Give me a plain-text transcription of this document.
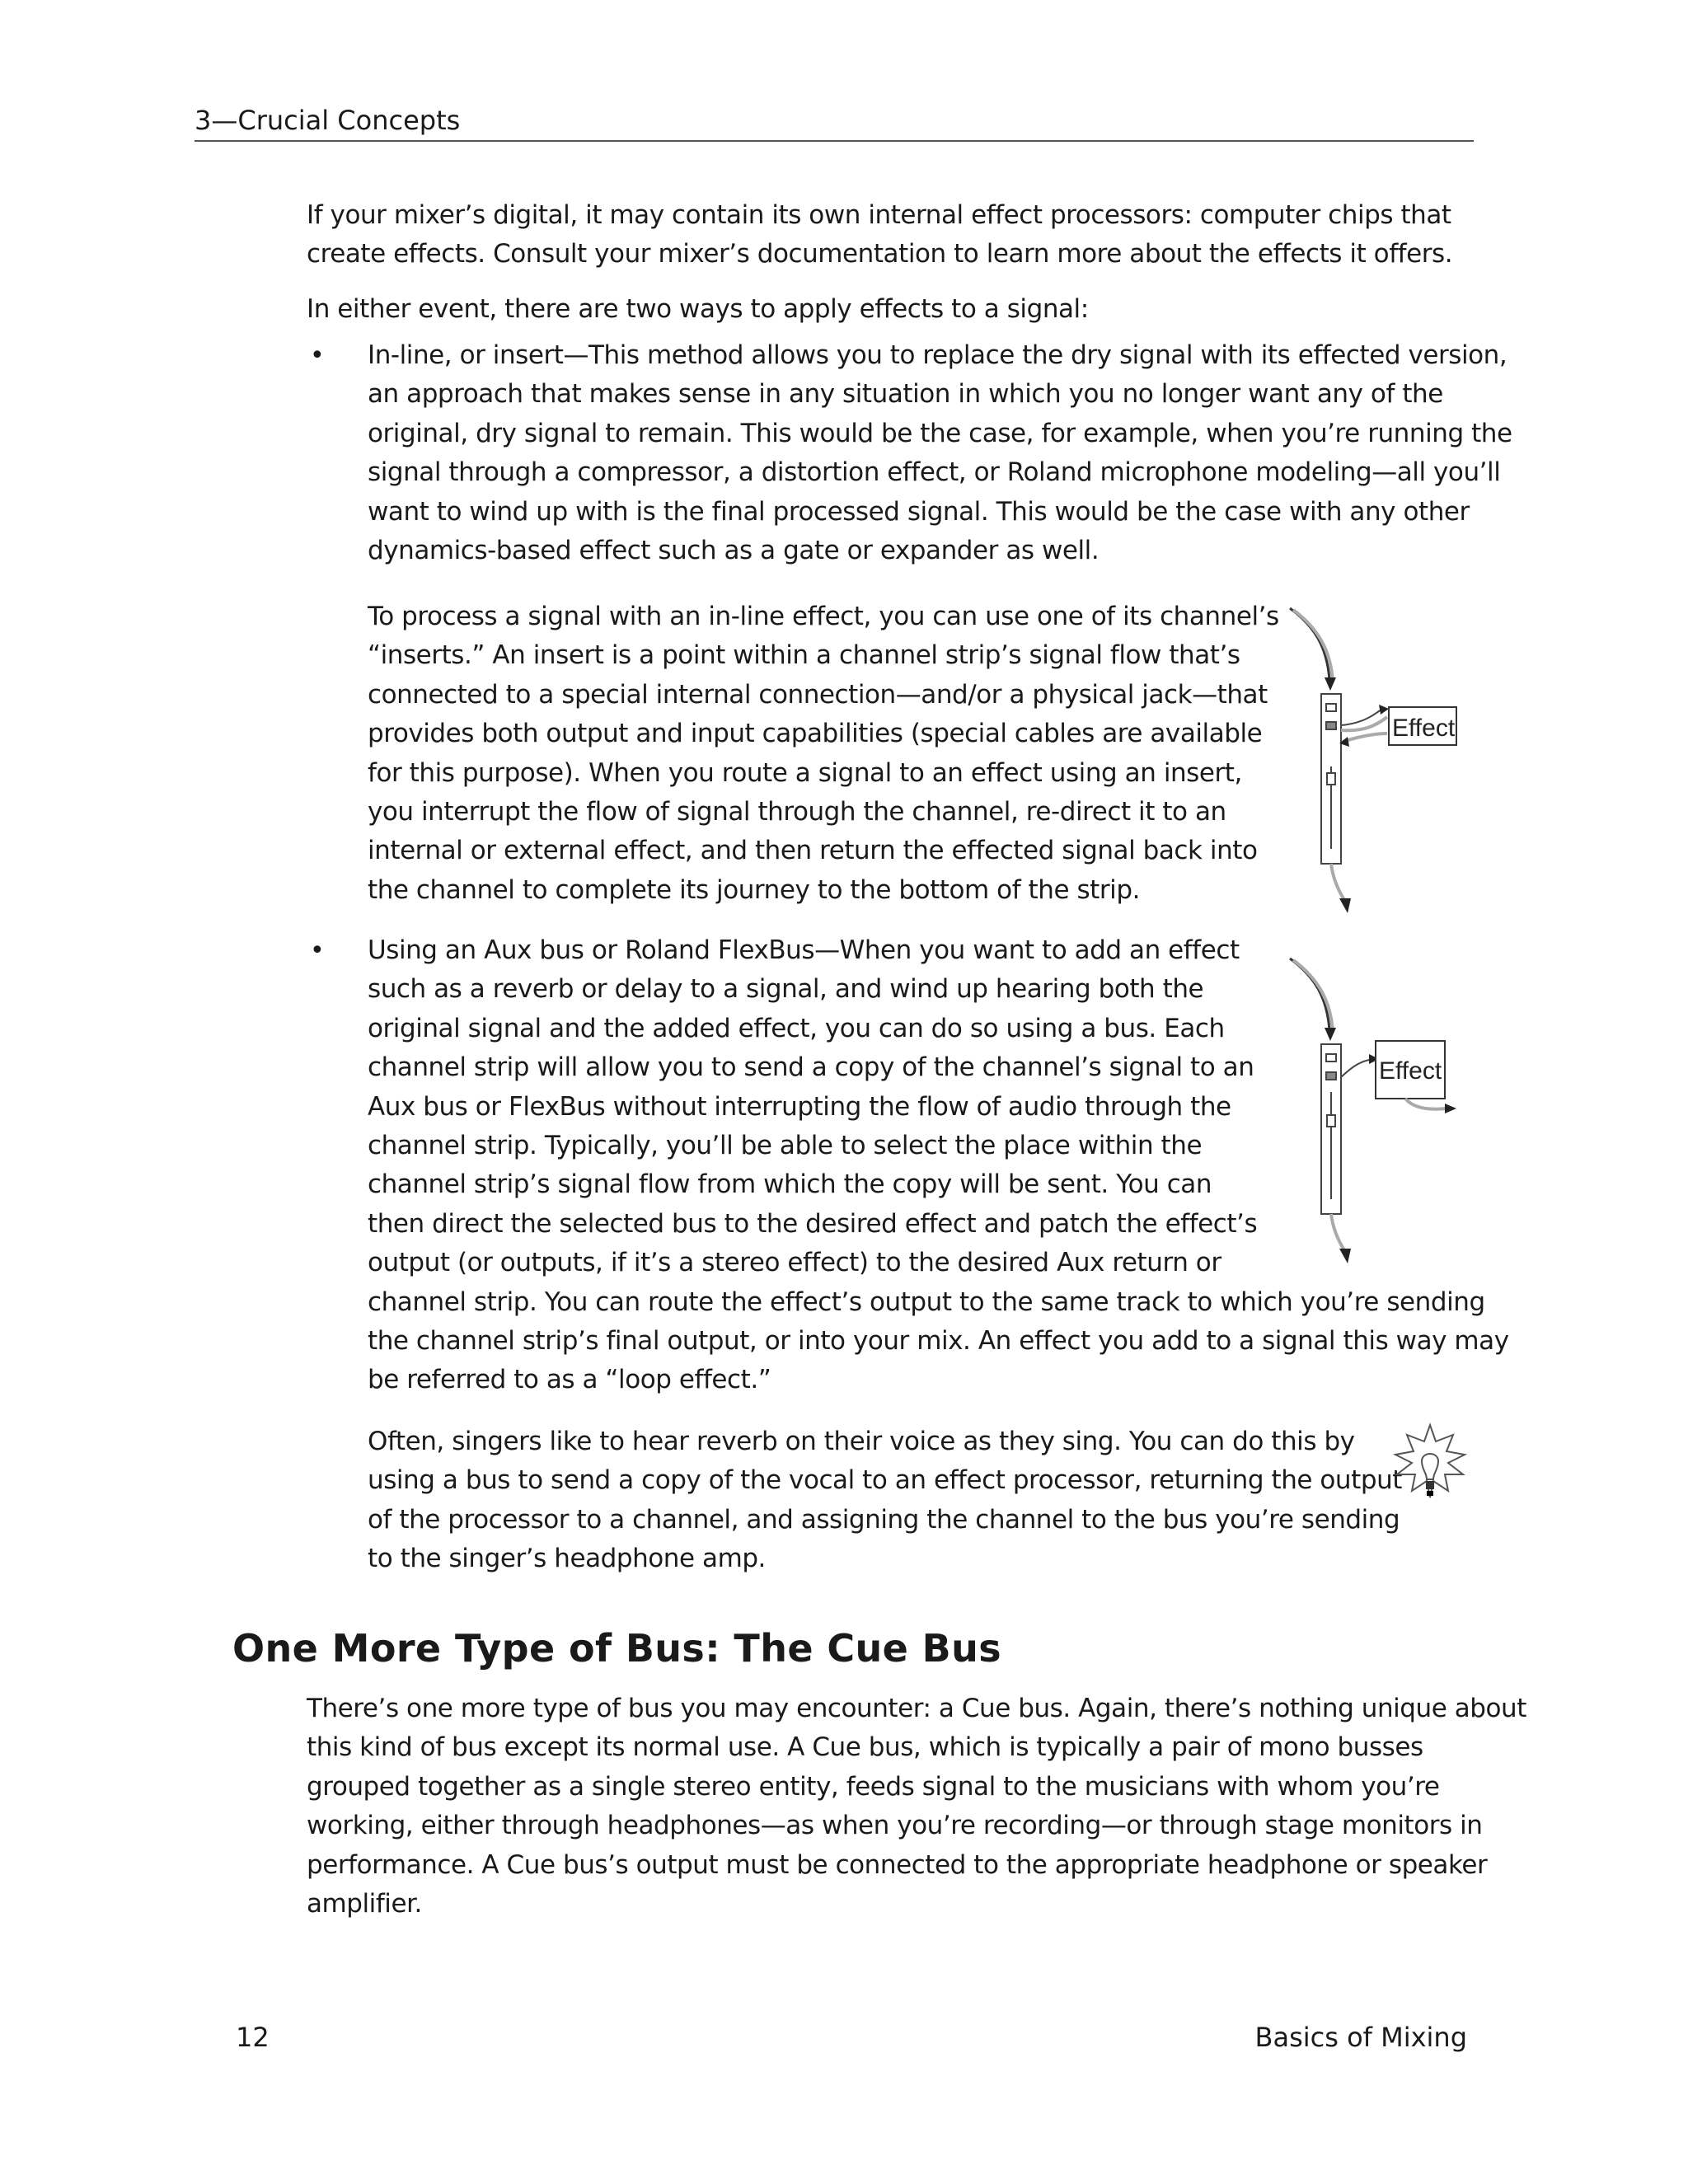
3—Crucial Concepts

If your mixer’s digital, it may contain its own internal effect processors: computer chips that
create effects. Consult your mixer’s documentation to learn more about the effects it offers.

In either event, there are two ways to apply effects to a signal:

• In-line, or insert—This method allows you to replace the dry signal with its effected version,
an approach that makes sense in any situation in which you no longer want any of the
original, dry signal to remain. This would be the case, for example, when you’re running the
signal through a compressor, a distortion effect, or Roland microphone modeling—all you’ll
want to wind up with is the final processed signal. This would be the case with any other
dynamics-based effect such as a gate or expander as well.

To process a signal with an in-line effect, you can use one of its channel’s
“inserts.” An insert is a point within a channel strip’s signal flow that’s
connected to a special internal connection—and/or a physical jack—that
provides both output and input capabilities (special cables are available
for this purpose). When you route a signal to an effect using an insert,
you interrupt the flow of signal through the channel, re-direct it to an
internal or external effect, and then return the effected signal back into
the channel to complete its journey to the bottom of the strip.

Effect
• Using an Aux bus or Roland FlexBus—When you want to add an effect
such as a reverb or delay to a signal, and wind up hearing both the
original signal and the added effect, you can do so using a bus. Each
channel strip will allow you to send a copy of the channel’s signal to an
Aux bus or FlexBus without interrupting the flow of audio through the
channel strip. Typically, you’ll be able to select the place within the
channel strip’s signal flow from which the copy will be sent. You can
then direct the selected bus to the desired effect and patch the effect’s
output (or outputs, if it’s a stereo effect) to the desired Aux return or
channel strip. You can route the effect’s output to the same track to which you’re sending
the channel strip’s final output, or into your mix. An effect you add to a signal this way may
be referred to as a “loop effect.”

Effect

Often, singers like to hear reverb on their voice as they sing. You can do this by
using a bus to send a copy of the vocal to an effect processor, returning the output
of the processor to a channel, and assigning the channel to the bus you’re sending
to the singer’s headphone amp.

One More Type of Bus: The Cue Bus

There’s one more type of bus you may encounter: a Cue bus. Again, there’s nothing unique about
this kind of bus except its normal use. A Cue bus, which is typically a pair of mono busses
grouped together as a single stereo entity, feeds signal to the musicians with whom you’re
working, either through headphones—as when you’re recording—or through stage monitors in
performance. A Cue bus’s output must be connected to the appropriate headphone or speaker
amplifier.

12	Basics of Mixing
